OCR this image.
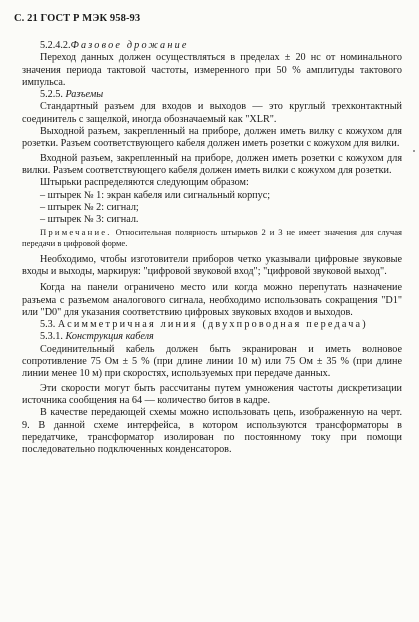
С. 21 ГОСТ Р МЭК 958-93
5.2.4.2.Фазовое дрожание

Переход данных должен осуществляться в пределах ± 20 нс от номинального значения периода тактовой частоты, измеренного при 50 % амплитуды тактового импульса.

5.2.5. Разъемы

Стандартный разъем для входов и выходов — это круглый трехконтактный соединитель с защелкой, иногда обозначаемый как "XLR".

Выходной разъем, закрепленный на приборе, должен иметь вилку с кожухом для розетки. Разъем соответствующего кабеля должен иметь розетки с кожухом для вилки.

Входной разъем, закрепленный на приборе, должен иметь розетки с кожухом для вилки. Разъем соответствующего кабеля должен иметь вилки с кожухом для розетки.

Штырьки распределяются следующим образом:

– штырек № 1: экран кабеля или сигнальный корпус;
– штырек № 2: сигнал;
– штырек № 3: сигнал.
Примечание. Относительная полярность штырьков 2 и 3 не имеет значения для случая передачи в цифровой форме.

Необходимо, чтобы изготовители приборов четко указывали цифровые звуковые входы и выходы, маркируя: "цифровой звуковой вход"; "цифровой звуковой выход".

Когда на панели ограничено место или когда можно перепутать назначение разъема с разъемом аналогового сигнала, необходимо использовать сокращения "D1" или "D0" для указания соответствию цифровых звуковых входов и выходов.

5.3. Асимметричная линия (двухпроводная передача)
5.3.1. Конструкция кабеля

Соединительный кабель должен быть экранирован и иметь волновое сопротивление 75 Ом ± 5 % (при длине линии 10 м) или 75 Ом ± 35 % (при длине линии менее 10 м) при скоростях, используемых при передаче данных.

Эти скорости могут быть рассчитаны путем умножения частоты дискретизации источника сообщения на 64 — количество битов в кадре.

В качестве передающей схемы можно использовать цепь, изображенную на черт. 9. В данной схеме интерфейса, в котором используются трансформаторы в передатчике, трансформатор изолирован по постоянному току при помощи последовательно подключенных конденсаторов.
